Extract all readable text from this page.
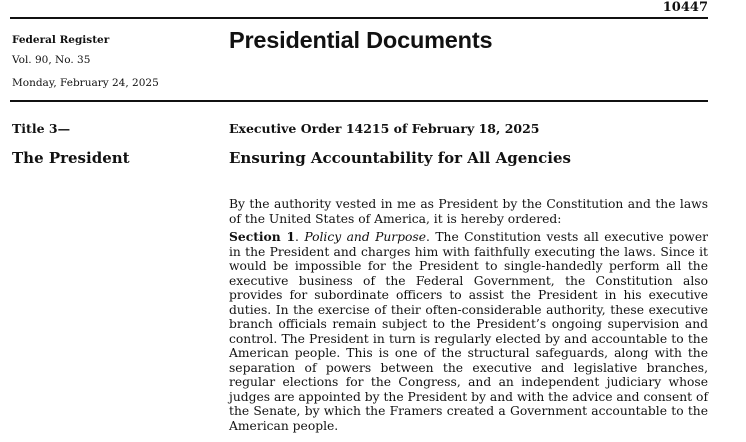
10447
Federal Register
Vol. 90, No. 35
Monday, February 24, 2025
Presidential Documents
Title 3—
The President
Executive Order 14215 of February 18, 2025
Ensuring Accountability for All Agencies

By the authority vested in me as President by the Constitution and the laws of the United States of America, it is hereby ordered:

Section 1. Policy and Purpose. The Constitution vests all executive power in the President and charges him with faithfully executing the laws. Since it would be impossible for the President to single-handedly perform all the executive business of the Federal Government, the Constitution also provides for subordinate officers to assist the President in his executive duties. In the exercise of their often-considerable authority, these executive branch officials remain subject to the President’s ongoing supervision and control. The President in turn is regularly elected by and accountable to the American people. This is one of the structural safeguards, along with the separation of powers between the executive and legislative branches, regular elections for the Congress, and an independent judiciary whose judges are appointed by the President by and with the advice and consent of the Senate, by which the Framers created a Government accountable to the American people.
